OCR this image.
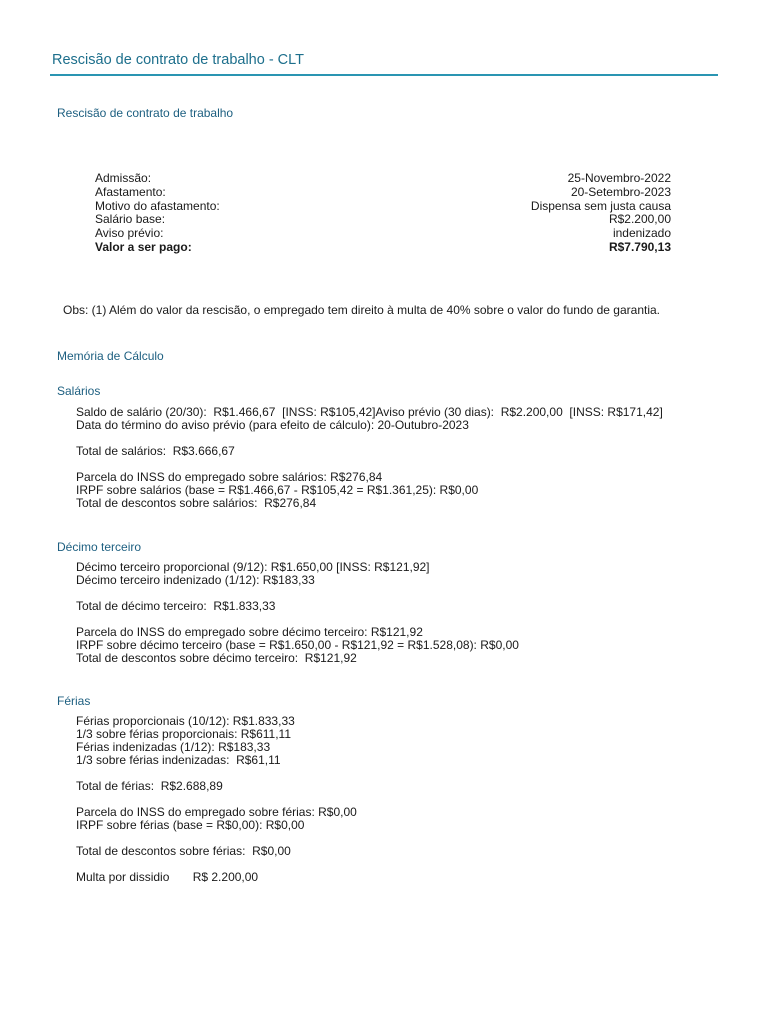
Rescisão de contrato de trabalho - CLT
Rescisão de contrato de trabalho
Admissão:	25-Novembro-2022
Afastamento:	20-Setembro-2023
Motivo do afastamento:	Dispensa sem justa causa
Salário base:	R$2.200,00
Aviso prévio:	indenizado
Valor a ser pago:	R$7.790,13
Obs: (1) Além do valor da rescisão, o empregado tem direito à multa de 40% sobre o valor do fundo de garantia.
Memória de Cálculo
Salários
Saldo de salário (20/30):  R$1.466,67  [INSS: R$105,42]Aviso prévio (30 dias):  R$2.200,00  [INSS: R$171,42]
Data do término do aviso prévio (para efeito de cálculo): 20-Outubro-2023
Total de salários:  R$3.666,67
Parcela do INSS do empregado sobre salários: R$276,84
IRPF sobre salários (base = R$1.466,67 - R$105,42 = R$1.361,25): R$0,00
Total de descontos sobre salários:  R$276,84
Décimo terceiro
Décimo terceiro proporcional (9/12): R$1.650,00 [INSS: R$121,92]
Décimo terceiro indenizado (1/12): R$183,33
Total de décimo terceiro:  R$1.833,33
Parcela do INSS do empregado sobre décimo terceiro: R$121,92
IRPF sobre décimo terceiro (base = R$1.650,00 - R$121,92 = R$1.528,08): R$0,00
Total de descontos sobre décimo terceiro:  R$121,92
Férias
Férias proporcionais (10/12): R$1.833,33
1/3 sobre férias proporcionais: R$611,11
Férias indenizadas (1/12): R$183,33
1/3 sobre férias indenizadas:  R$61,11
Total de férias:  R$2.688,89
Parcela do INSS do empregado sobre férias: R$0,00
IRPF sobre férias (base = R$0,00): R$0,00
Total de descontos sobre férias:  R$0,00
Multa por dissidio       R$ 2.200,00
